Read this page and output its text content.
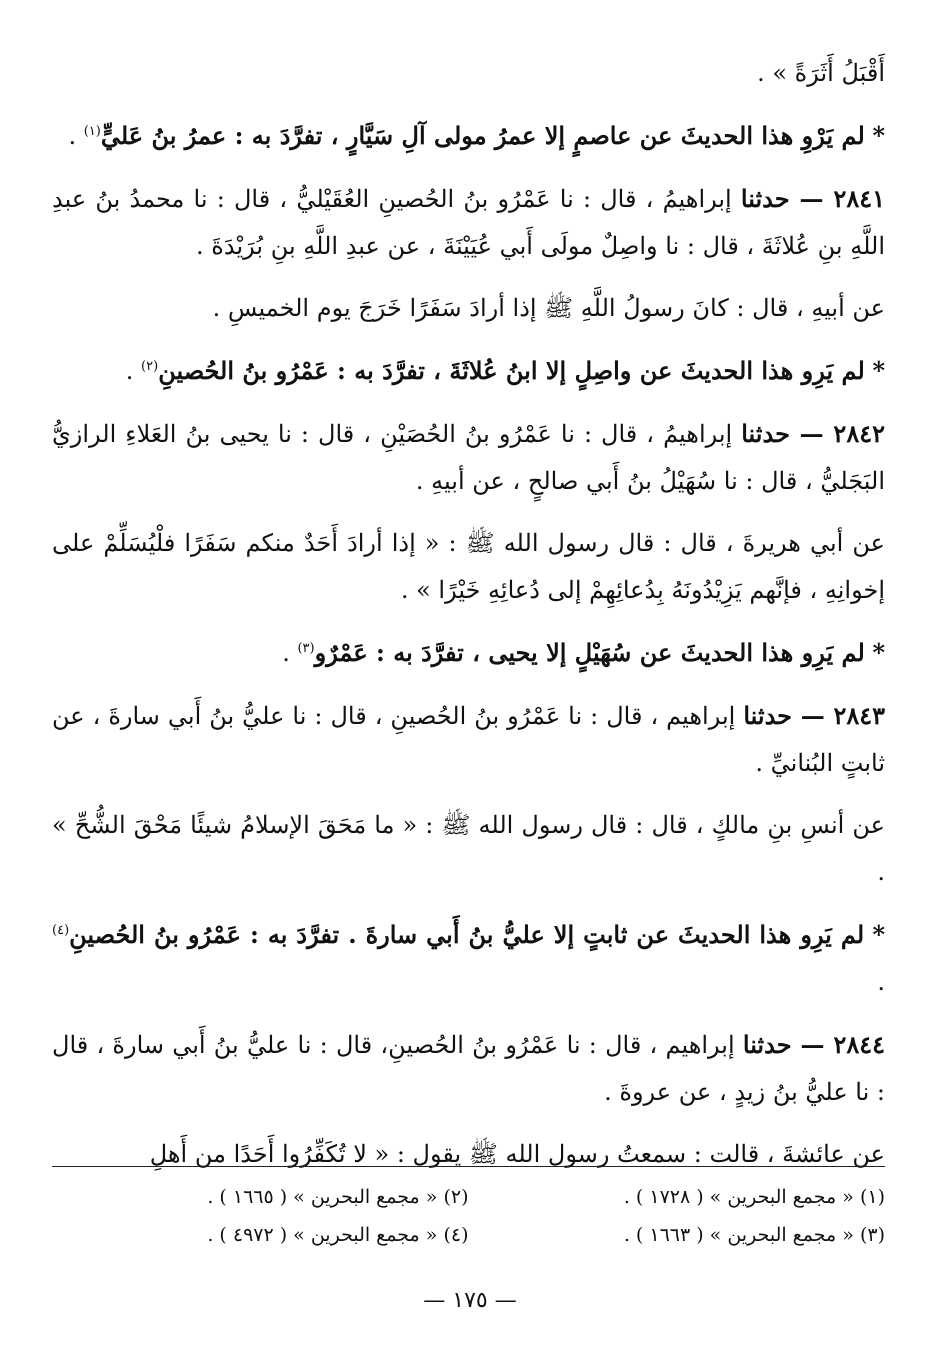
أَقْبَلُ أَثَرَةً » .

* لم يَرْوِ هذا الحديثَ عن عاصمٍ إلا عمرُ مولى آلِ سَيَّارٍ ، تفرَّدَ به : عمرُ بنُ عَليٍّ$^{(١)}$ .

٢٨٤١ — حدثنا إبراهيمُ ، قال : نا عَمْرُو بنُ الحُصينِ العُقَيْليُّ ، قال : نا محمدُ بنُ عبدِ اللَّهِ بنِ عُلاثَةَ ، قال : نا واصِلٌ مولَى أَبي عُيَيْنَةَ ، عن عبدِ اللَّهِ بنِ بُرَيْدَةَ .

عن أبيهِ ، قال : كانَ رسولُ اللَّهِ ﷺ إذا أرادَ سَفَرًا خَرَجَ يوم الخميسِ .

* لم يَرِو هذا الحديثَ عن واصِلٍ إلا ابنُ عُلاثَةَ ، تفرَّدَ به : عَمْرُو بنُ الحُصينِ$^{(٢)}$ .

٢٨٤٢ — حدثنا إبراهيمُ ، قال : نا عَمْرُو بنُ الحُصَيْنِ ، قال : نا يحيى بنُ العَلاءِ الرازيُّ البَجَليُّ ، قال : نا سُهَيْلُ بنُ أَبي صالحٍ ، عن أبيهِ .

عن أبي هريرةَ ، قال : قال رسول الله ﷺ : « إذا أرادَ أَحَدٌ منكم سَفَرًا فلْيُسَلِّمْ على إخوانِهِ ، فإنَّهم يَزِيْدُونَهُ بِدُعائِهِمْ إلى دُعائِهِ خَيْرًا » .

* لم يَرِو هذا الحديثَ عن سُهَيْلٍ إلا يحيى ، تفرَّدَ به : عَمْرٌو$^{(٣)}$ .

٢٨٤٣ — حدثنا إبراهيم ، قال : نا عَمْرُو بنُ الحُصينِ ، قال : نا عليُّ بنُ أَبي سارةَ ، عن ثابتٍ البُنانيِّ .

عن أنسِ بنِ مالكٍ ، قال : قال رسول الله ﷺ : « ما مَحَقَ الإسلامُ شيئًا مَحْقَ الشُّحِّ » .

* لم يَرِو هذا الحديثَ عن ثابتٍ إلا عليُّ بنُ أَبي سارةَ . تفرَّدَ به : عَمْرُو بنُ الحُصينِ$^{(٤)}$ .

٢٨٤٤ — حدثنا إبراهيم ، قال : نا عَمْرُو بنُ الحُصينِ، قال : نا عليُّ بنُ أَبي سارةَ ، قال : نا عليُّ بنُ زيدٍ ، عن عروةَ .

عن عائشةَ ، قالت : سمعتُ رسول الله ﷺ يقول : « لا تُكَفِّرُوا أَحَدًا من أَهلِ

(١) « مجمع البحرين » ( ١٧٢٨ ) .
(٢) « مجمع البحرين » ( ١٦٦٥ ) .
(٣) « مجمع البحرين » ( ١٦٦٣ ) .
(٤) « مجمع البحرين » ( ٤٩٧٢ ) .
— ١٧٥ —
